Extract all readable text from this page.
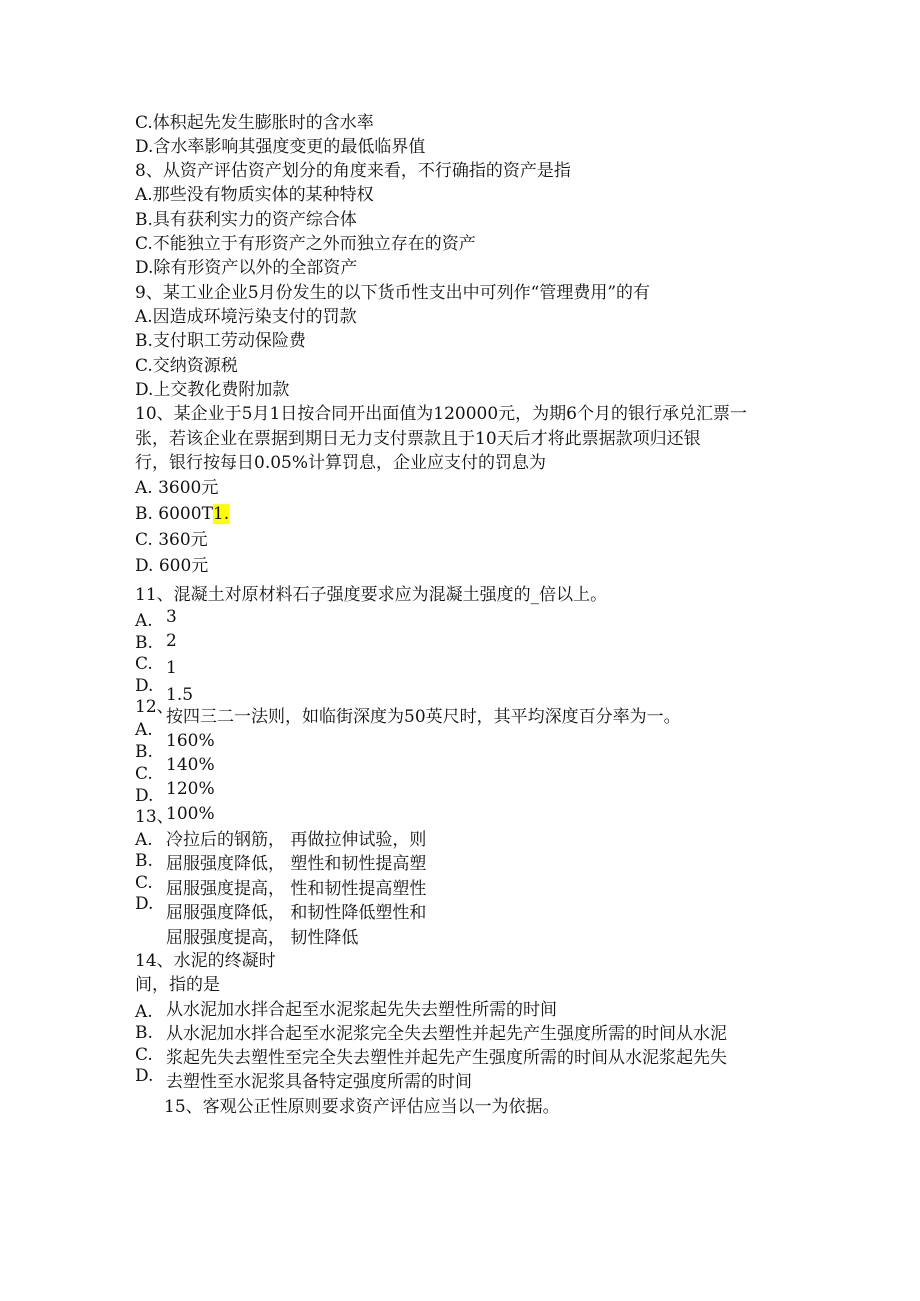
C.体积起先发生膨胀时的含水率
D.含水率影响其强度变更的最低临界值
8、从资产评估资产划分的角度来看，不行确指的资产是指
A.那些没有物质实体的某种特权
B.具有获利实力的资产综合体
C.不能独立于有形资产之外而独立存在的资产
D.除有形资产以外的全部资产
9、某工业企业5月份发生的以下货币性支出中可列作“管理费用”的有
A.因造成环境污染支付的罚款
B.支付职工劳动保险费
C.交纳资源税
D.上交教化费附加款
10、某企业于5月1日按合同开出面值为120000元，为期6个月的银行承兑汇票一
张，若该企业在票据到期日无力支付票款且于10天后才将此票据款项归还银
行，银行按每日0.05%计算罚息，企业应支付的罚息为
A. 3600元
B. 6000T1.
C. 360元
D. 600元
11、混凝土对原材料石子强度要求应为混凝土强度的_倍以上。
A. 3
B. 2
C. 1
D. 1.5
12、
按四三二一法则，如临街深度为50英尺时，其平均深度百分率为一。
A.
160%
B.
140%
C.
120%
D.
100%
13、
A. 冷拉后的钢筋， 再做拉伸试验，则
B. 屈服强度降低， 塑性和韧性提高塑
C. 屈服强度提高， 性和韧性提高塑性
D. 屈服强度降低， 和韧性降低塑性和
屈服强度提高， 韧性降低
14、水泥的终凝时
间，指的是
A. 从水泥加水拌合起至水泥浆起先失去塑性所需的时间
B. 从水泥加水拌合起至水泥浆完全失去塑性并起先产生强度所需的时间从水泥
C. 浆起先失去塑性至完全失去塑性并起先产生强度所需的时间从水泥浆起先失
D. 去塑性至水泥浆具备特定强度所需的时间
15、客观公正性原则要求资产评估应当以一为依据。
